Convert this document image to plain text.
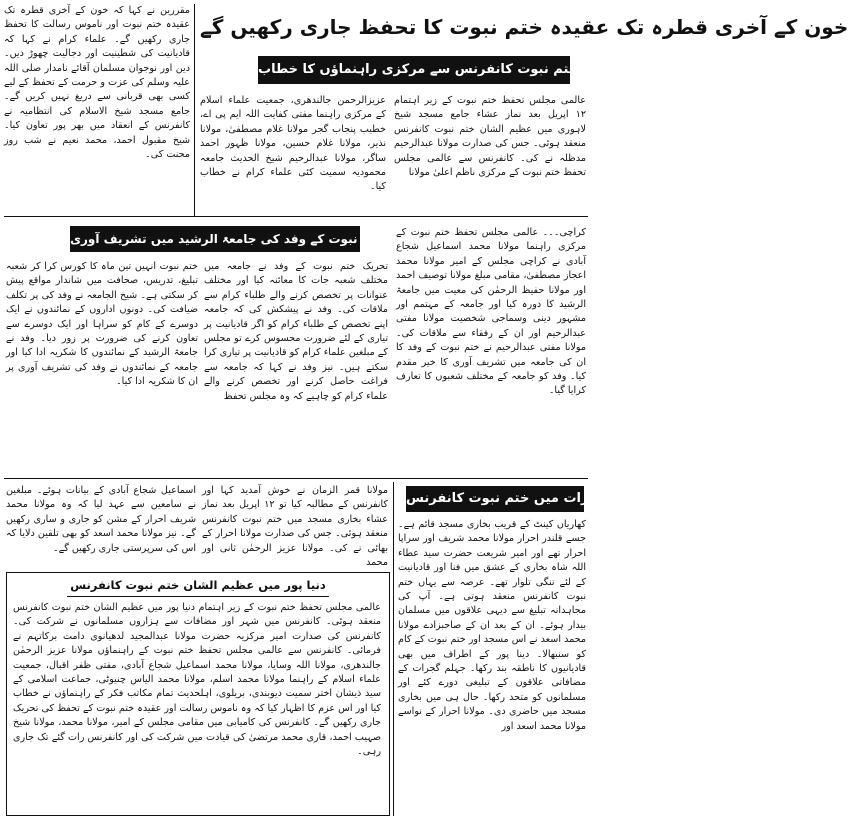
خون کے آخری قطرہ تک عقیدہ ختم نبوت کا تحفظ جاری رکھیں گے
مقررین نے کہا کہ خون کے آخری قطرہ تک عقیدہ ختم نبوت اور ناموس رسالت کا تحفظ جاری رکھیں گے۔ علماء کرام نے کہا کہ قادیانیت کی شطینیت اور دجالیت چھوڑ دیں۔ دین اور نوجوان مسلمان آقائے نامدار صلی اللہ علیہ وسلم کی عزت و حرمت کے تحفظ کے لیے کسی بھی قربانی سے دریغ نہیں کریں گے۔ جامع مسجد شیخ الاسلام کی انتظامیہ نے کانفرنس کے انعقاد میں بھر پور تعاون کیا۔ شیخ مقبول احمد، محمد نعیم نے شب روز محنت کی۔
جھنگ میں ختم نبوت کانفرنس سے مرکزی راہنماؤں کا خطاب
عالمی مجلس تحفظ ختم نبوت کے زیر اہتمام ۱۲ اپریل بعد نماز عشاء جامع مسجد شیخ لاہوری میں عظیم الشان ختم نبوت کانفرنس منعقد ہوئی۔ جس کی صدارت مولانا عبدالرحیم مدظلہ نے کی۔ کانفرنس سے عالمی مجلس تحفظ ختم نبوت کے مرکزی ناظم اعلیٰ مولانا
عزیزالرحمن جالندھری، جمعیت علماء اسلام کے مرکزی راہنما مفتی کفایت اللہ ایم پی اے، خطیب پنجاب گجر مولانا غلام مصطفیٰ، مولانا نذیر، مولانا غلام حسین، مولانا ظہور احمد ساگر، مولانا عبدالرحیم شیخ الحدیث جامعہ محمودیہ سمیت کئی علماء کرام نے خطاب کیا۔
ختم نبوت کے وفد کی جامعۃ الرشید میں تشریف آوری کراچی۔۔۔ عالمی مجلس تحفظ ختم نبوت کے مرکزی راہنما مولانا محمد اسماعیل شجاع آبادی نے کراچی مجلس کے امیر مولانا محمد اعجاز مصطفیٰ، مقامی مبلغ مولانا توصیف احمد اور مولانا حفیظ الرحمٰن کی معیت میں جامعۃ الرشید کا دورہ کیا اور جامعہ کے مہتمم اور مشہور دینی وسماجی شخصیت مولانا مفتی عبدالرحیم اور ان کے رفقاء سے ملاقات کی۔ مولانا مفتی عبدالرحیم نے ختم نبوت کے وفد کا ان کی جامعہ میں تشریف آوری کا خیر مقدم کیا۔ وفد کو جامعہ کے مختلف شعبوں کا تعارف کرایا گیا۔
تحریک ختم نبوت کے وفد نے جامعہ میں مختلف شعبہ جات کا معائنہ کیا اور مختلف عنوانات پر تخصص کرنے والے طلباء کرام سے ملاقات کی۔ وفد نے پیشکش کی کہ جامعہ اپنے تخصص کے طلباء کرام کو اگر قادیانیت پر تیاری کے لئے ضرورت محسوس کرے تو مجلس کے مبلغین علماء کرام کو قادیانیت پر تیاری کرا سکتے ہیں۔ نیز وفد نے کہا کہ جامعہ سے فراغت حاصل کرنے اور تخصص کرنے والے علماء کرام کو چاہیے کہ وہ مجلس تحفظ
ختم نبوت انہیں تین ماہ کا کورس کرا کر شعبہ تبلیغ، تدریس، صحافت میں شاندار مواقع پیش کر سکتی ہے۔ شیخ الجامعہ نے وفد کی پر تکلف ضیافت کی۔ دونوں اداروں کے نمائندوں نے ایک دوسرے کے کام کو سراہا اور ایک دوسرے سے تعاون کرنے کی ضرورت پر زور دیا۔ وفد نے جامعۃ الرشید کے نمائندوں کا شکریہ ادا کیا اور جامعہ کے نمائندوں نے وفد کی تشریف آوری پر ان کا شکریہ ادا کیا۔
سہنہ گجرات میں ختم نبوت کانفرنس
کھاریاں کینٹ کے قریب بخاری مسجد قائم ہے۔ جسے قلندر احرار مولانا محمد شریف اور سراپا احرار تھے اور امیر شریعت حضرت سید عطاء اللہ شاہ بخاری کے عشق میں فنا اور قادیانیت کے لئے ننگی تلوار تھے۔ عرصہ سے یہاں ختم نبوت کانفرنس منعقد ہوتی ہے۔ آپ کی مجاہدانہ تبلیغ سے دیہی علاقوں میں مسلمان بیدار ہوئے۔ ان کے بعد ان کے صاحبزادے مولانا محمد اسعد نے اس مسجد اور ختم نبوت کے کام کو سنبھالا۔ دینا پور کے اطراف میں بھی قادیانیوں کا ناطقہ بند رکھا۔ جہلم گجرات کے مضافاتی علاقوں کے تبلیغی دورے کئے اور مسلمانوں کو متحد رکھا۔ حال ہی میں بخاری مسجد میں حاضری دی۔ مولانا احرار کے نواسے مولانا محمد اسعد اور
مولانا قمر الزمان نے خوش آمدید کہا اور کانفرنس کے مطالبہ کیا تو ۱۲ اپریل بعد نماز عشاء بخاری مسجد میں ختم نبوت کانفرنس منعقد ہوئی۔ جس کی صدارت مولانا احرار کے بھائی نے کی۔ مولانا عزیز الرحمٰن ثانی اور محمد
اسماعیل شجاع آبادی کے بیانات ہوئے۔ مبلغین نے سامعین سے عہد لیا کہ وہ مولانا محمد شریف احرار کے مشن کو جاری و ساری رکھیں گے۔ نیز مولانا محمد اسعد کو بھی تلقین دلایا کہ اس کی سرپرستی جاری رکھیں گے۔
دنیا پور میں عظیم الشان ختم نبوت کانفرنس
عالمی مجلس تحفظ ختم نبوت کے زیر اہتمام دنیا پور میں عظیم الشان ختم نبوت کانفرنس منعقد ہوئی۔ کانفرنس میں شہر اور مضافات سے ہزاروں مسلمانوں نے شرکت کی۔ کانفرنس کی صدارت امیر مرکزیہ حضرت مولانا عبدالمجید لدھیانوی دامت برکاتہم نے فرمائی۔ کانفرنس سے عالمی مجلس تحفظ ختم نبوت کے راہنماؤں مولانا عزیز الرحمٰن جالندھری، مولانا اللہ وسایا، مولانا محمد اسماعیل شجاع آبادی، مفتی ظفر اقبال، جمعیت علماء اسلام کے راہنما مولانا محمد اسلم، مولانا محمد الیاس چنیوٹی، جماعت اسلامی کے سید ذیشان اختر سمیت دیوبندی، بریلوی، اہلحدیث تمام مکاتب فکر کے راہنماؤں نے خطاب کیا اور اس عزم کا اظہار کیا کہ وہ ناموس رسالت اور عقیدہ ختم نبوت کے تحفظ کی تحریک جاری رکھیں گے۔ کانفرنس کی کامیابی میں مقامی مجلس کے امیر، مولانا محمد، مولانا شیخ صہیب احمد، قاری محمد مرتضیٰ کی قیادت میں شرکت کی اور کانفرنس رات گئے تک جاری رہی۔
